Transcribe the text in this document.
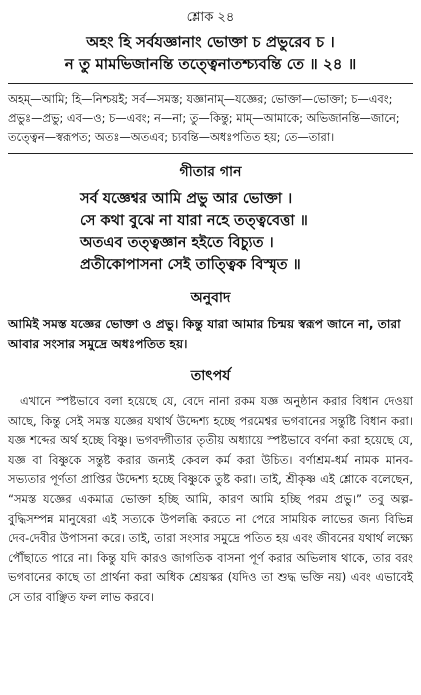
শ্লোক ২৪

অহং হি সর্বযজ্ঞানাং ভোক্তা চ প্রভুরেব চ ।

ন তু মামভিজানন্তি তত্ত্বেনাতশ্চ্যবন্তি তে ॥ ২৪ ॥

অহম্‌—আমি; হি—নিশ্চয়ই; সর্ব—সমস্ত; যজ্ঞানাম্‌—যজ্ঞের; ভোক্তা—ভোক্তা; চ—এবং; প্রভুঃ—প্রভু; এব—ও; চ—এবং; ন—না; তু—কিন্তু; মাম্‌—আমাকে; অভিজানন্তি—জানে; তত্ত্বেন—স্বরূপত; অতঃ—অতএব; চ্যবন্তি—অধঃপতিত হয়; তে—তারা।
গীতার গান
সর্ব যজ্ঞেশ্বর আমি প্রভু আর ভোক্তা ।
সে কথা বুঝে না যারা নহে তত্ত্ববেত্তা ॥
অতএব তত্ত্বজ্ঞান হইতে বিচ্যুত ।
প্রতীকোপাসনা সেই তাত্ত্বিক বিস্মৃত ॥
অনুবাদ
আমিই সমস্ত যজ্ঞের ভোক্তা ও প্রভু। কিন্তু যারা আমার চিন্ময় স্বরূপ জানে না, তারা আবার সংসার সমুদ্রে অধঃপতিত হয়।
তাৎপর্য

এখানে স্পষ্টভাবে বলা হয়েছে যে, বেদে নানা রকম যজ্ঞ অনুষ্ঠান করার বিধান দেওয়া আছে, কিন্তু সেই সমস্ত যজ্ঞের যথার্থ উদ্দেশ্য হচ্ছে পরমেশ্বর ভগবানের সন্তুষ্টি বিধান করা। যজ্ঞ শব্দের অর্থ হচ্ছে বিষ্ণু। ভগবদ্গীতার তৃতীয় অধ্যায়ে স্পষ্টভাবে বর্ণনা করা হয়েছে যে, যজ্ঞ বা বিষ্ণুকে সন্তুষ্ট করার জন্যই কেবল কর্ম করা উচিত। বর্ণাশ্রম-ধর্ম নামক মানব-সভ্যতার পূর্ণতা প্রাপ্তির উদ্দেশ্য হচ্ছে বিষ্ণুকে তুষ্ট করা। তাই, শ্রীকৃষ্ণ এই শ্লোকে বলেছেন, “সমস্ত যজ্ঞের একমাত্র ভোক্তা হচ্ছি আমি, কারণ আমি হচ্ছি পরম প্রভু।” তবু অল্প-বুদ্ধিসম্পন্ন মানুষেরা এই সত্যকে উপলব্ধি করতে না পেরে সাময়িক লাভের জন্য বিভিন্ন দেব-দেবীর উপাসনা করে। তাই, তারা সংসার সমুদ্রে পতিত হয় এবং জীবনের যথার্থ লক্ষ্যে পৌঁছাতে পারে না। কিন্তু যদি কারও জাগতিক বাসনা পূর্ণ করার অভিলাষ থাকে, তার বরং ভগবানের কাছে তা প্রার্থনা করা অধিক শ্রেয়স্কর (যদিও তা শুদ্ধ ভক্তি নয়) এবং এভাবেই সে তার বাঞ্ছিত ফল লাভ করবে।
